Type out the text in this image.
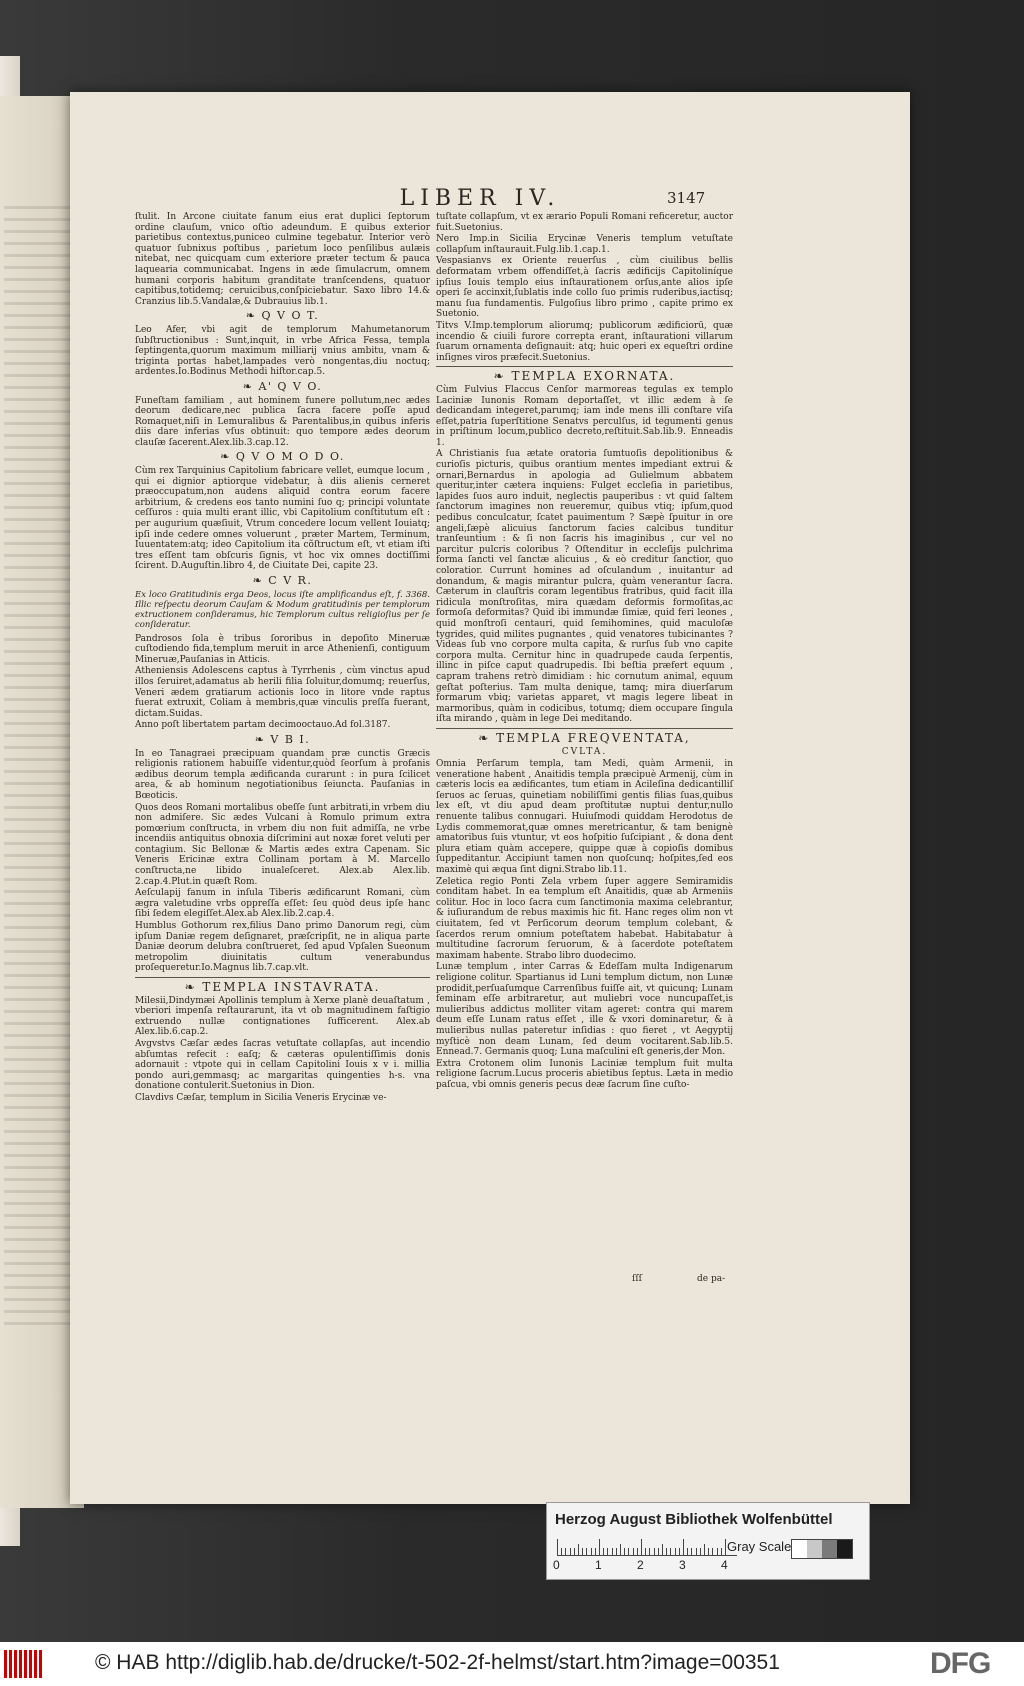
LIBER IV.	3147

ſtulit. In Arcone ciuitate fanum eius erat duplici ſeptorum ordine clauſum, vnico oſtio adeundum. E quibus exterior parietibus contextus,puniceo culmine tegebatur. Interior verò quatuor ſubnixus poſtibus , parietum loco penſilibus aulæis nitebat, nec quicquam cum exteriore præter tectum & pauca laquearia communicabat. Ingens in æde ſimulacrum, omnem humani corporis habitum granditate tranſcendens, quatuor capitibus,totidemq; ceruicibus,conſpiciebatur. Saxo libro 14.& Cranzius lib.5.Vandalæ,& Dubrauius lib.1.

❧ Q V O T.

Leo Afer, vbi agit de templorum Mahumetanorum ſubſtructionibus : Sunt,inquit, in vrbe Africa Fessa, templa ſeptingenta,quorum maximum milliarij vnius ambitu, vnam & triginta portas habet,lampades verò nongentas,diu noctuq; ardentes.Io.Bodinus Methodi hiſtor.cap.5.

❧ A' Q V O.

Funeſtam familiam , aut hominem funere pollutum,nec ædes deorum dedicare,nec publica ſacra facere poſſe apud Romaquet,niſi in Lemuralibus & Parentalibus,in quibus inferis diis dare inferias vſus obtinuit: quo tempore ædes deorum clauſæ ſacerent.Alex.lib.3.cap.12.

❧ Q V O M O D O.

Cùm rex Tarquinius Capitolium fabricare vellet, eumque locum , qui ei dignior aptiorque videbatur, à diis alienis cerneret præoccupatum,non audens aliquid contra eorum facere arbitrium, & credens eos tanto numini ſuo q; principi voluntate ceſſuros : quia multi erant illic, vbi Capitolium conſtitutum eſt : per augurium quæſiuit, Vtrum concedere locum vellent Iouiatq; ipſi inde cedere omnes voluerunt , præter Martem, Terminum, Iuuentatem:atq; ideo Capitolium ita cõſtructum eſt, vt etiam iſti tres eſſent tam obſcuris ſignis, vt hoc vix omnes doctiſſimi ſcirent. D.Auguſtin.libro 4, de Ciuitate Dei, capite 23.

❧ C V R.

Ex loco Gratitudinis erga Deos, locus iſte amplificandus eſt, f. 3368. Illic reſpectu deorum Cauſam & Modum gratitudinis per templorum extructionem conſideramus, hic Templorum cultus religioſius per ſe conſideratur.

Pandrosos ſola è tribus ſororibus in depoſito Mineruæ cuſtodiendo fida,templum meruit in arce Athenienſi, contiguum Mineruæ,Pauſanias in Atticis.

Atheniensis Adolescens captus à Tyrrhenis , cùm vinctus apud illos ſeruiret,adamatus ab herili filia ſoluitur,domumq; reuerſus, Veneri ædem gratiarum actionis loco in litore vnde raptus fuerat extruxit, Coliam à membris,quæ vinculis preſſa fuerant, dictam.Suidas.

Anno poſt libertatem partam decimooctauo.Ad fol.3187.

❧ V B I.

In eo Tanagraei præcipuam quandam præ cunctis Græcis religionis rationem habuiſſe videntur,quòd ſeorſum à profanis ædibus deorum templa ædificanda curarunt : in pura ſcilicet area, & ab hominum negotiationibus ſeiuncta. Pauſanias in Bœoticis.

Quos deos Romani mortalibus obeſſe ſunt arbitrati,in vrbem diu non admiſere. Sic ædes Vulcani à Romulo primum extra pomœrium conſtructa, in vrbem diu non fuit admiſſa, ne vrbe incendiis antiquitus obnoxia diſcrimini aut noxæ foret veluti per contagium. Sic Bellonæ & Martis ædes extra Capenam. Sic Veneris Ericinæ extra Collinam portam à M. Marcello conſtructa,ne libido inualeſceret. Alex.ab Alex.lib. 2.cap.4.Plut.in quæſt Rom.

Aeſculapij fanum in inſula Tiberis ædificarunt Romani, cùm ægra valetudine vrbs oppreſſa eſſet: ſeu quòd deus ipſe hanc ſibi ſedem elegiſſet.Alex.ab Alex.lib.2.cap.4.

Humblus Gothorum rex,filius Dano primo Danorum regi, cùm ipſum Daniæ regem deſignaret, præſcripſit, ne in aliqua parte Daniæ deorum delubra conſtrueret, ſed apud Vpſalen Sueonum metropolim diuinitatis cultum venerabundus proſequeretur.Io.Magnus lib.7.cap.vlt.

❧ TEMPLA INSTAVRATA.

Milesii,Dindymæi Apollinis templum à Xerxe planè deuaſtatum , vberiori impenſa reſtaurarunt, ita vt ob magnitudinem faſtigio extruendo nullæ contignationes ſufficerent. Alex.ab Alex.lib.6.cap.2.

Avgvstvs Cæſar ædes ſacras vetuſtate collapſas, aut incendio abſumtas refecit : eaſq; & cæteras opulentiſſimis donis adornauit : vtpote qui in cellam Capitolini Iouis x v i. millia pondo auri,gemmasq; ac margaritas quingenties h-s. vna donatione contulerit.Suetonius in Dion.

Clavdivs Cæſar, templum in Sicilia Veneris Erycinæ ve-

tuſtate collapſum, vt ex ærario Populi Romani reficeretur, auctor fuit.Suetonius.

Nero Imp.in Sicilia Erycinæ Veneris templum vetuſtate collapſum inſtaurauit.Fulg.lib.1.cap.1.

Vespasianvs ex Oriente reuerſus , cùm ciuilibus bellis deformatam vrbem offendiſſet,à ſacris ædificijs Capitoliníque ipſius Iouis templo eius inſtaurationem orſus,ante alios ipſe operi ſe accinxit,ſublatis inde collo ſuo primis ruderibus,iactisq; manu ſua fundamentis. Fulgoſius libro primo , capite primo ex Suetonio.

Titvs V.Imp.templorum aliorumq; publicorum ædificiorū, quæ incendio & ciuili furore correpta erant, inſtaurationi villarum ſuarum ornamenta deſignauit: atq; huic operi ex equeſtri ordine inſignes viros præfecit.Suetonius.

❧ TEMPLA EXORNATA.

Cùm Fulvius Flaccus Cenſor marmoreas tegulas ex templo Laciniæ Iunonis Romam deportaſſet, vt illic ædem à ſe dedicandam integeret,parumq; iam inde mens illi conſtare viſa eſſet,patria ſuperſtitione Senatvs perculſus, id tegumenti genus in priſtinum locum,publico decreto,reſtituit.Sab.lib.9. Enneadis 1.

A Christianis ſua ætate oratoria ſumtuoſis depolitionibus & curioſis picturis, quibus orantium mentes impediant extrui & ornari,Bernardus in apologia ad Gulielmum abbatem queritur,inter cætera inquiens: Fulget eccleſia in parietibus, lapides ſuos auro induit, neglectis pauperibus : vt quid ſaltem ſanctorum imagines non reueremur, quibus vtiq; ipſum,quod pedibus conculcatur, ſcatet pauimentum ? Sæpè ſpuitur in ore angeli,ſæpè alicuius ſanctorum facies calcibus tunditur tranſeuntium : & ſi non ſacris his imaginibus , cur vel no parcitur pulcris coloribus ? Oſtenditur in eccleſijs pulchrima forma ſancti vel ſanctæ alicuius , & eò creditur ſanctior, quo coloratior. Currunt homines ad oſculandum , inuitantur ad donandum, & magis mirantur pulcra, quàm venerantur ſacra. Cæterum in clauſtris coram legentibus fratribus, quid facit illa ridicula monſtroſitas, mira quædam deformis formoſitas,ac formoſa deformitas? Quid ibi immundæ ſimiæ, quid feri leones , quid monſtroſi centauri, quid ſemihomines, quid maculoſæ tygrides, quid milites pugnantes , quid venatores tubicinantes ? Videas ſub vno corpore multa capita, & rurſus ſub vno capite corpora multa. Cernitur hinc in quadrupede cauda ſerpentis, illinc in piſce caput quadrupedis. Ibi beſtia præfert equum , capram trahens retrò dimidiam : hic cornutum animal, equum geſtat poſterius. Tam multa denique, tamq; mira diuerſarum formarum vbiq; varietas apparet, vt magis legere libeat in marmoribus, quàm in codicibus, totumq; diem occupare ſingula iſta mirando , quàm in lege Dei meditando.

❧ TEMPLA FREQVENTATA,

CVLTA.

Omnia Perſarum templa, tam Medi, quàm Armenii, in veneratione habent , Anaitidis templa præcipuè Armenij, cùm in cæteris locis ea ædificantes, tum etiam in Acileſina dedicantilliſ ſeruos ac ſeruas, quinetiam nobiliſſimi gentis filias ſuas,quibus lex eſt, vt diu apud deam proſtitutæ nuptui dentur,nullo renuente talibus connugari. Huiuſmodi quiddam Herodotus de Lydis commemorat,quæ omnes meretricantur, & tam benignè amatoribus ſuis vtuntur, vt eos hoſpitio ſuſcipiant , & dona dent plura etiam quàm accepere, quippe quæ à copioſis domibus ſuppeditantur. Accipiunt tamen non quoſcunq; hoſpites,ſed eos maximè qui æqua ſint digni.Strabo lib.11.

Zeletica regio Ponti Zela vrbem ſuper aggere Semiramidis conditam habet. In ea templum eſt Anaitidis, quæ ab Armeniis colitur. Hoc in loco ſacra cum ſanctimonia maxima celebrantur, & iuſiurandum de rebus maximis hic fit. Hanc reges olim non vt ciuitatem, ſed vt Perſicorum deorum templum colebant, & ſacerdos rerum omnium poteſtatem habebat. Habitabatur à multitudine ſacrorum ſeruorum, & à ſacerdote poteſtatem maximam habente. Strabo libro duodecimo.

Lunæ templum , inter Carras & Edeſſam multa Indigenarum religione colitur. Spartianus id Luni templum dictum, non Lunæ prodidit,perſuaſumque Carrenſibus fuiſſe ait, vt quicunq; Lunam feminam eſſe arbitraretur, aut muliebri voce nuncupaſſet,is mulieribus addictus molliter vitam ageret: contra qui marem deum eſſe Lunam ratus eſſet , ille & vxori dominaretur, & à mulieribus nullas pateretur inſidias : quo fieret , vt Aegyptij myſticè non deam Lunam, ſed deum vocitarent.Sab.lib.5. Ennead.7. Germanis quoq; Luna maſculini eſt generis,der Mon.

Extra Crotonem olim Iunonis Laciniæ templum fuit multa religione ſacrum.Lucus proceris abietibus ſeptus. Læta in medio paſcua, vbi omnis generis pecus deæ ſacrum ſine cuſto-

ſſſ	de pa-
Herzog August Bibliothek Wolfenbüttel
0	1	2	3	4
Gray Scale
© HAB http://diglib.hab.de/drucke/t-502-2f-helmst/start.htm?image=00351	DFG
